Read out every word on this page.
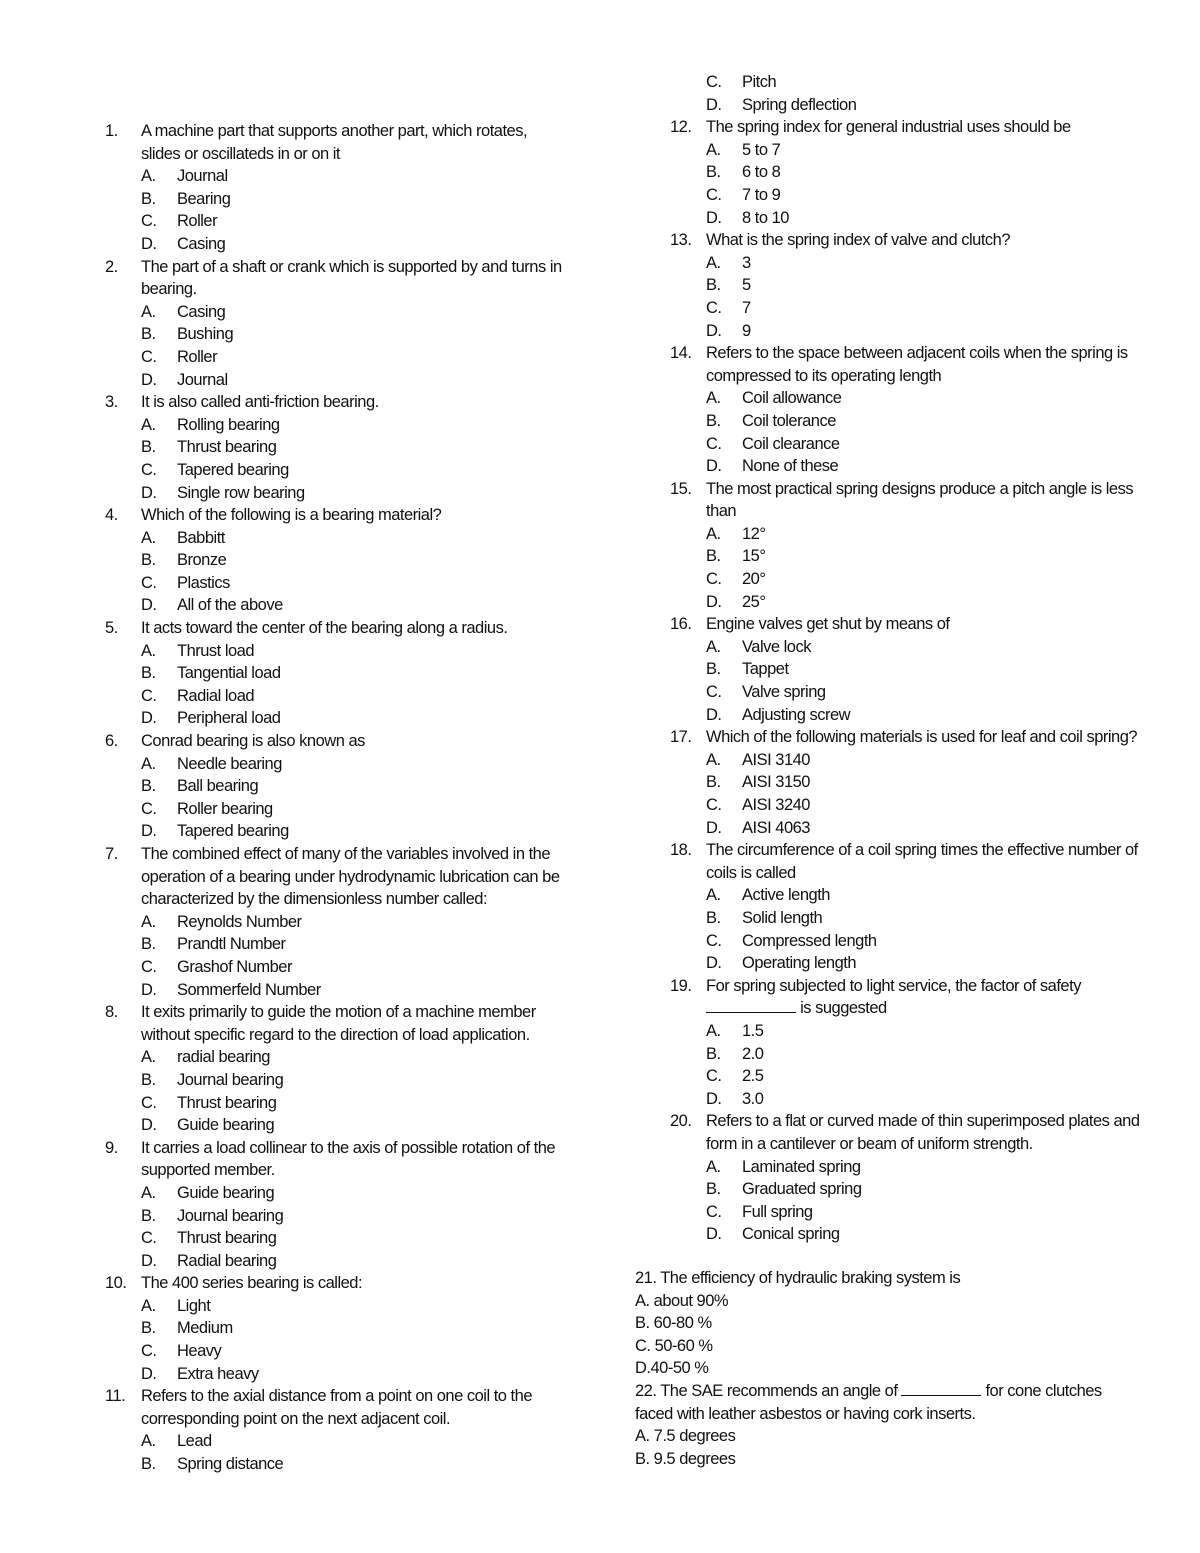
1.	A machine part that supports another part, which rotates, slides or oscillateds in or on it
A.	Journal
B.	Bearing
C.	Roller
D.	Casing
2.	The part of a shaft or crank which is supported by and turns in bearing.
A.	Casing
B.	Bushing
C.	Roller
D.	Journal
3.	It is also called anti-friction bearing.
A.	Rolling bearing
B.	Thrust bearing
C.	Tapered bearing
D.	Single row bearing
4.	Which of the following is a bearing material?
A.	Babbitt
B.	Bronze
C.	Plastics
D.	All of the above
5.	It acts toward the center of the bearing along a radius.
A.	Thrust load
B.	Tangential load
C.	Radial load
D.	Peripheral load
6.	Conrad bearing is also known as
A.	Needle bearing
B.	Ball bearing
C.	Roller bearing
D.	Tapered bearing
7.	The combined effect of many of the variables involved in the operation of a bearing under hydrodynamic lubrication can be characterized by the dimensionless number called:
A.	Reynolds Number
B.	Prandtl Number
C.	Grashof Number
D.	Sommerfeld Number
8.	It exits primarily to guide the motion of a machine member without specific regard to the direction of load application.
A.	radial bearing
B.	Journal bearing
C.	Thrust bearing
D.	Guide bearing
9.	It carries a load collinear to the axis of possible rotation of the supported member.
A.	Guide bearing
B.	Journal bearing
C.	Thrust bearing
D.	Radial bearing
10. The 400 series bearing is called:
A.	Light
B.	Medium
C.	Heavy
D.	Extra heavy
11. Refers to the axial distance from a point on one coil to the corresponding point on the next adjacent coil.
A.	Lead
B.	Spring distance
C.	Pitch
D.	Spring deflection
12. The spring index for general industrial uses should be
A.	5 to 7
B.	6 to 8
C.	7 to 9
D.	8 to 10
13. What is the spring index of valve and clutch?
A.	3
B.	5
C.	7
D.	9
14. Refers to the space between adjacent coils when the spring is compressed to its operating length
A.	Coil allowance
B.	Coil tolerance
C.	Coil clearance
D.	None of these
15. The most practical spring designs produce a pitch angle is less than
A.	12°
B.	15°
C.	20°
D.	25°
16. Engine valves get shut by means of
A.	Valve lock
B.	Tappet
C.	Valve spring
D.	Adjusting screw
17. Which of the following materials is used for leaf and coil spring?
A.	AISI 3140
B.	AISI 3150
C.	AISI 3240
D.	AISI 4063
18. The circumference of a coil spring times the effective number of coils is called
A.	Active length
B.	Solid length
C.	Compressed length
D.	Operating length
19. For spring subjected to light service, the factor of safety
is suggested
A.	1.5
B.	2.0
C.	2.5
D.	3.0
20. Refers to a flat or curved made of thin superimposed plates and form in a cantilever or beam of uniform strength.
A.	Laminated spring
B.	Graduated spring
C.	Full spring
D.	Conical spring
21. The efficiency of hydraulic braking system is
A. about 90%
B. 60-80 %
C. 50-60 %
D.40-50 %
22. The SAE recommends an angle of	for cone clutches
faced with leather asbestos or having cork inserts.
A. 7.5 degrees
B. 9.5 degrees
